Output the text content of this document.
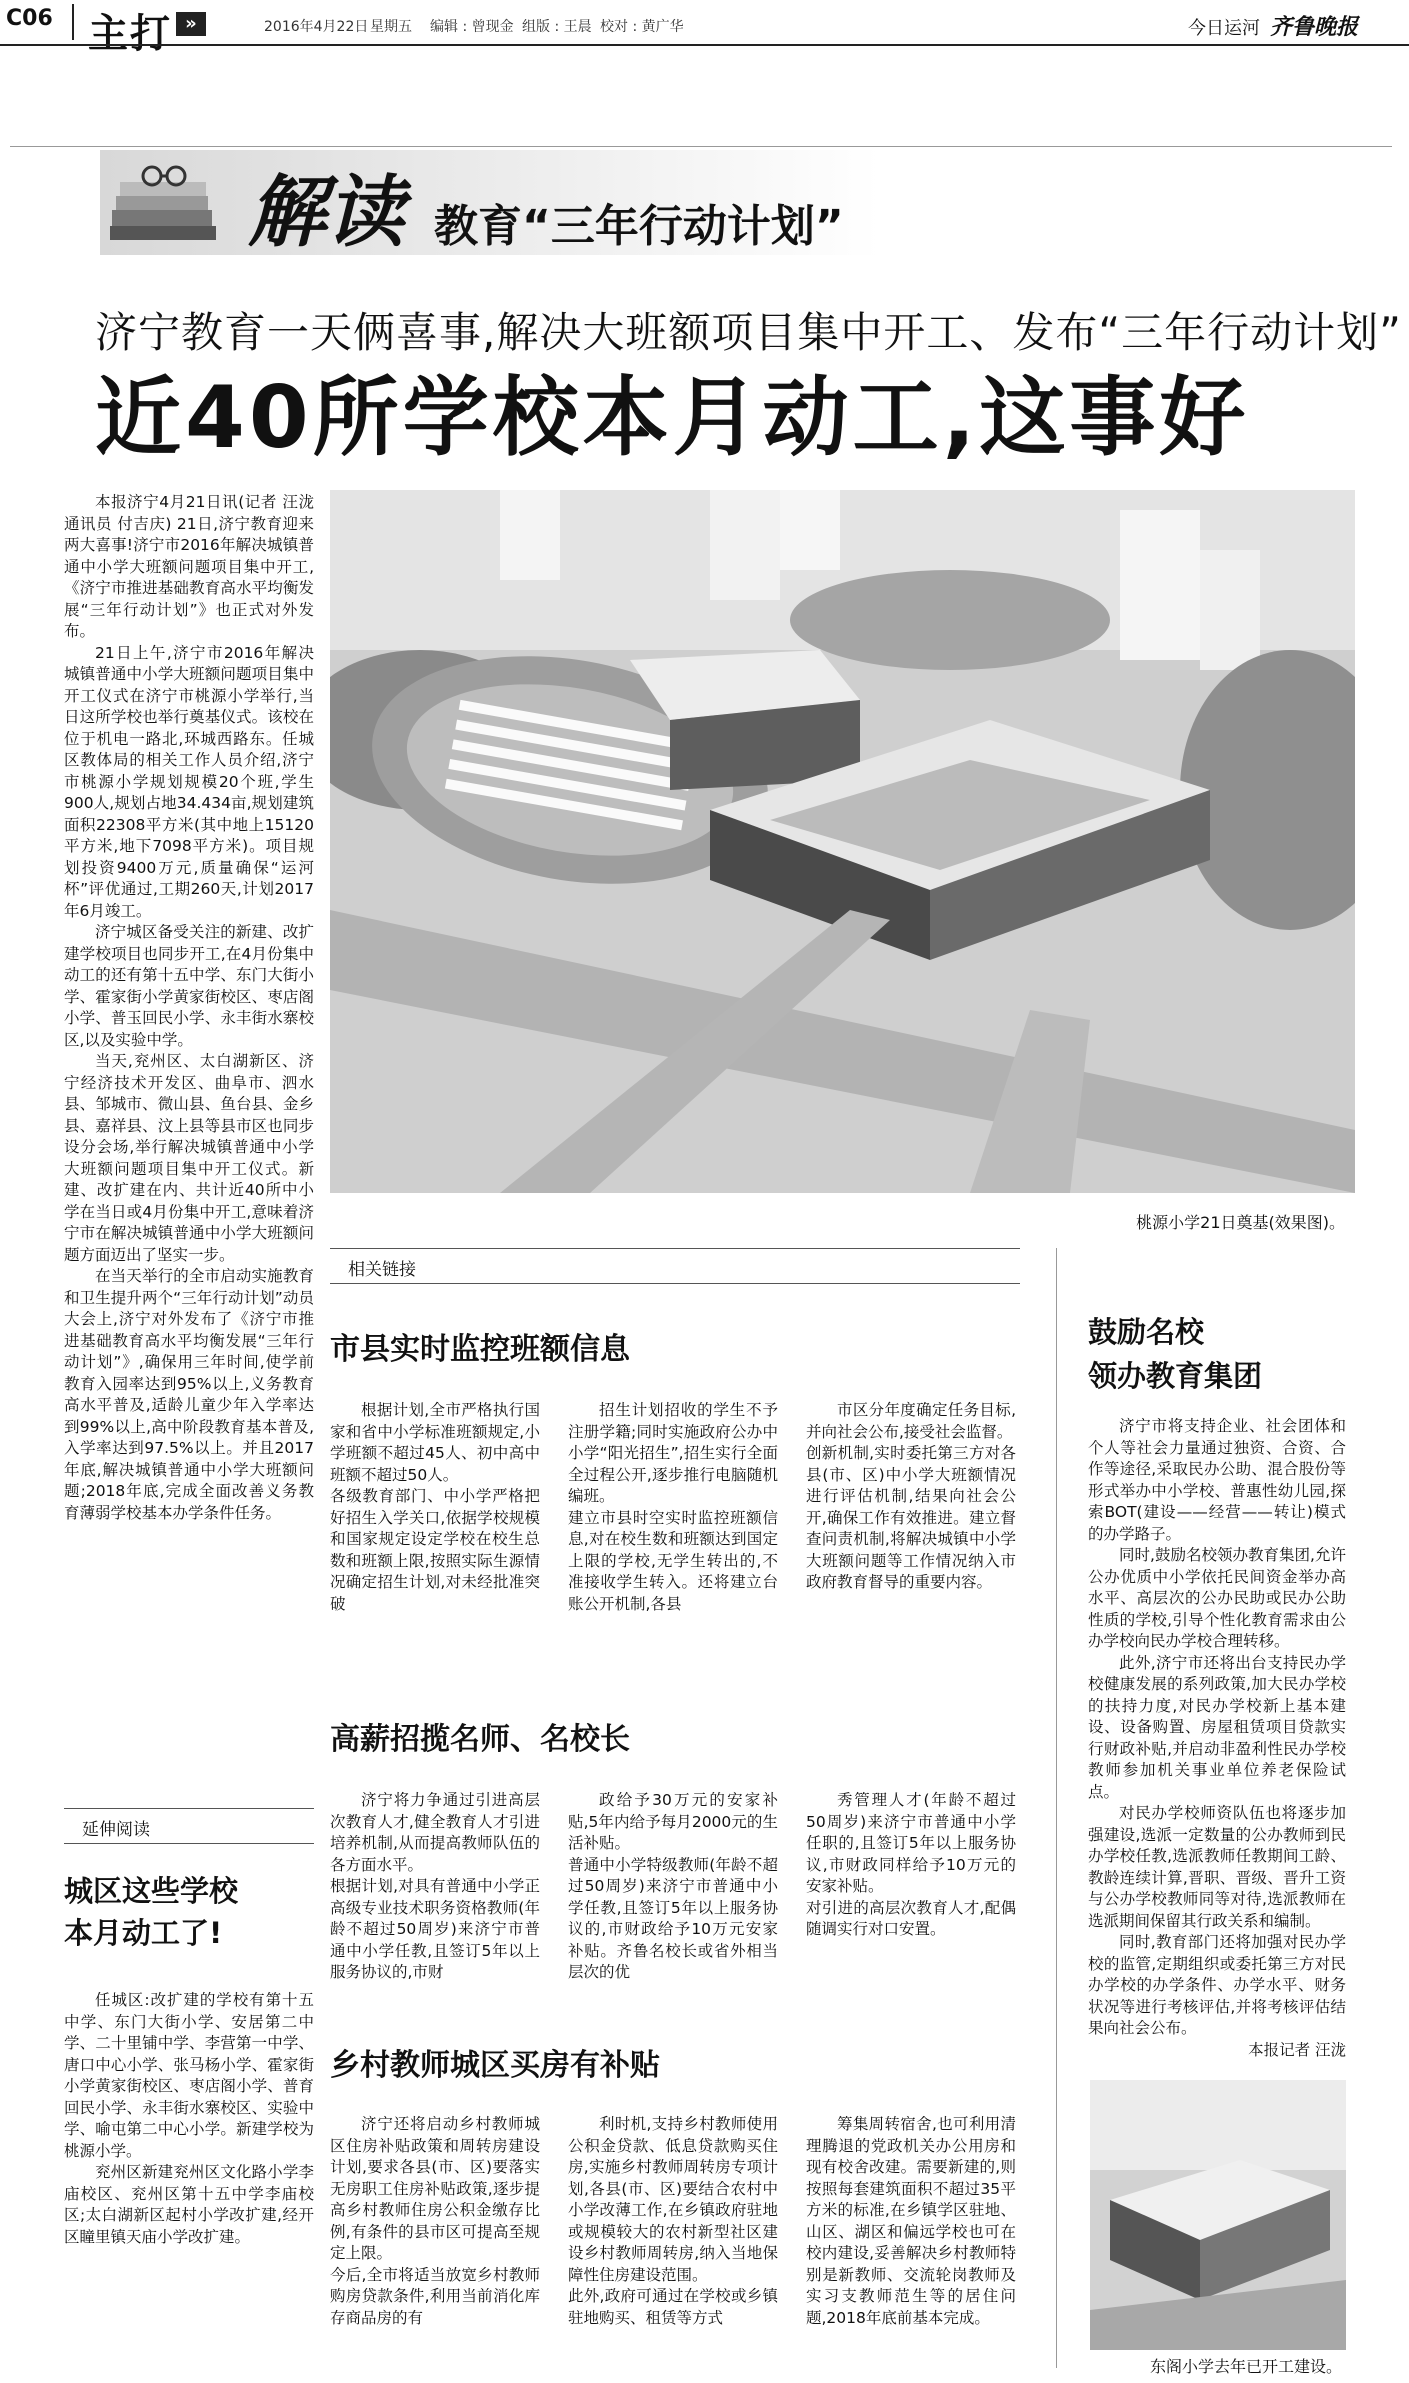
C06 主打 »	2016年4月22日 星期五 编辑 : 曾现金 组版 : 王晨 校对 : 黄广华	今日运河 齐鲁晚报
解读 教育“三年行动计划”
济宁教育一天俩喜事,解决大班额项目集中开工、发布“三年行动计划”
近40所学校本月动工,这事好

本报济宁4月21日讯(记者 汪泷 通讯员 付吉庆) 21日,济宁教育迎来两大喜事!济宁市2016年解决城镇普通中小学大班额问题项目集中开工,《济宁市推进基础教育高水平均衡发展“三年行动计划”》也正式对外发布。

21日上午,济宁市2016年解决城镇普通中小学大班额问题项目集中开工仪式在济宁市桃源小学举行,当日这所学校也举行奠基仪式。该校在位于机电一路北,环城西路东。任城区教体局的相关工作人员介绍,济宁市桃源小学规划规模20个班,学生900人,规划占地34.434亩,规划建筑面积22308平方米(其中地上15120平方米,地下7098平方米)。项目规划投资9400万元,质量确保“运河杯”评优通过,工期260天,计划2017年6月竣工。

济宁城区备受关注的新建、改扩建学校项目也同步开工,在4月份集中动工的还有第十五中学、东门大街小学、霍家街小学黄家街校区、枣店阁小学、普玉回民小学、永丰街水寨校区,以及实验中学。

当天,兖州区、太白湖新区、济宁经济技术开发区、曲阜市、泗水县、邹城市、微山县、鱼台县、金乡县、嘉祥县、汶上县等县市区也同步设分会场,举行解决城镇普通中小学大班额问题项目集中开工仪式。新建、改扩建在内、共计近40所中小学在当日或4月份集中开工,意味着济宁市在解决城镇普通中小学大班额问题方面迈出了坚实一步。

在当天举行的全市启动实施教育和卫生提升两个“三年行动计划”动员大会上,济宁对外发布了《济宁市推进基础教育高水平均衡发展“三年行动计划”》,确保用三年时间,使学前教育入园率达到95%以上,义务教育高水平普及,适龄儿童少年入学率达到99%以上,高中阶段教育基本普及,入学率达到97.5%以上。并且2017年底,解决城镇普通中小学大班额问题;2018年底,完成全面改善义务教育薄弱学校基本办学条件任务。

延伸阅读
城区这些学校
本月动工了!

任城区:改扩建的学校有第十五中学、东门大街小学、安居第二中学、二十里铺中学、李营第一中学、唐口中心小学、张马杨小学、霍家街小学黄家街校区、枣店阁小学、普育回民小学、永丰街水寨校区、实验中学、喻屯第二中心小学。新建学校为桃源小学。

兖州区新建兖州区文化路小学李庙校区、兖州区第十五中学李庙校区;太白湖新区起村小学改扩建,经开区瞳里镇天庙小学改扩建。

桃源小学21日奠基(效果图)。
相关链接
市县实时监控班额信息
根据计划,全市严格执行国家和省中小学标准班额规定,小学班额不超过45人、初中高中班额不超过50人。
各级教育部门、中小学严格把好招生入学关口,依据学校规模和国家规定设定学校在校生总数和班额上限,按照实际生源情况确定招生计划,对未经批准突破
招生计划招收的学生不予注册学籍;同时实施政府公办中小学“阳光招生”,招生实行全面全过程公开,逐步推行电脑随机编班。
建立市县时空实时监控班额信息,对在校生数和班额达到国定上限的学校,无学生转出的,不准接收学生转入。还将建立台账公开机制,各县
市区分年度确定任务目标,并向社会公布,接受社会监督。
创新机制,实时委托第三方对各县(市、区)中小学大班额情况进行评估机制,结果向社会公开,确保工作有效推进。建立督查问责机制,将解决城镇中小学大班额问题等工作情况纳入市政府教育督导的重要内容。
高薪招揽名师、名校长
济宁将力争通过引进高层次教育人才,健全教育人才引进培养机制,从而提高教师队伍的各方面水平。
根据计划,对具有普通中小学正高级专业技术职务资格教师(年龄不超过50周岁)来济宁市普通中小学任教,且签订5年以上服务协议的,市财
政给予30万元的安家补贴,5年内给予每月2000元的生活补贴。
普通中小学特级教师(年龄不超过50周岁)来济宁市普通中小学任教,且签订5年以上服务协议的,市财政给予10万元安家补贴。齐鲁名校长或省外相当层次的优
秀管理人才(年龄不超过50周岁)来济宁市普通中小学任职的,且签订5年以上服务协议,市财政同样给予10万元的安家补贴。
对引进的高层次教育人才,配偶随调实行对口安置。
乡村教师城区买房有补贴
济宁还将启动乡村教师城区住房补贴政策和周转房建设计划,要求各县(市、区)要落实无房职工住房补贴政策,逐步提高乡村教师住房公积金缴存比例,有条件的县市区可提高至规定上限。
今后,全市将适当放宽乡村教师购房贷款条件,利用当前消化库存商品房的有
利时机,支持乡村教师使用公积金贷款、低息贷款购买住房,实施乡村教师周转房专项计划,各县(市、区)要结合农村中小学改薄工作,在乡镇政府驻地或规模较大的农村新型社区建设乡村教师周转房,纳入当地保障性住房建设范围。
此外,政府可通过在学校或乡镇驻地购买、租赁等方式
筹集周转宿舍,也可利用清理腾退的党政机关办公用房和现有校舍改建。需要新建的,则按照每套建筑面积不超过35平方米的标准,在乡镇学区驻地、山区、湖区和偏远学校也可在校内建设,妥善解决乡村教师特别是新教师、交流轮岗教师及实习支教师范生等的居住问题,2018年底前基本完成。
鼓励名校
领办教育集团

济宁市将支持企业、社会团体和个人等社会力量通过独资、合资、合作等途径,采取民办公助、混合股份等形式举办中小学校、普惠性幼儿园,探索BOT(建设——经营——转让)模式的办学路子。

同时,鼓励名校领办教育集团,允许公办优质中小学依托民间资金举办高水平、高层次的公办民助或民办公助性质的学校,引导个性化教育需求由公办学校向民办学校合理转移。

此外,济宁市还将出台支持民办学校健康发展的系列政策,加大民办学校的扶持力度,对民办学校新上基本建设、设备购置、房屋租赁项目贷款实行财政补贴,并启动非盈利性民办学校教师参加机关事业单位养老保险试点。

对民办学校师资队伍也将逐步加强建设,选派一定数量的公办教师到民办学校任教,选派教师任教期间工龄、教龄连续计算,晋职、晋级、晋升工资与公办学校教师同等对待,选派教师在选派期间保留其行政关系和编制。

同时,教育部门还将加强对民办学校的监管,定期组织或委托第三方对民办学校的办学条件、办学水平、财务状况等进行考核评估,并将考核评估结果向社会公布。

本报记者 汪泷
东阁小学去年已开工建设。
